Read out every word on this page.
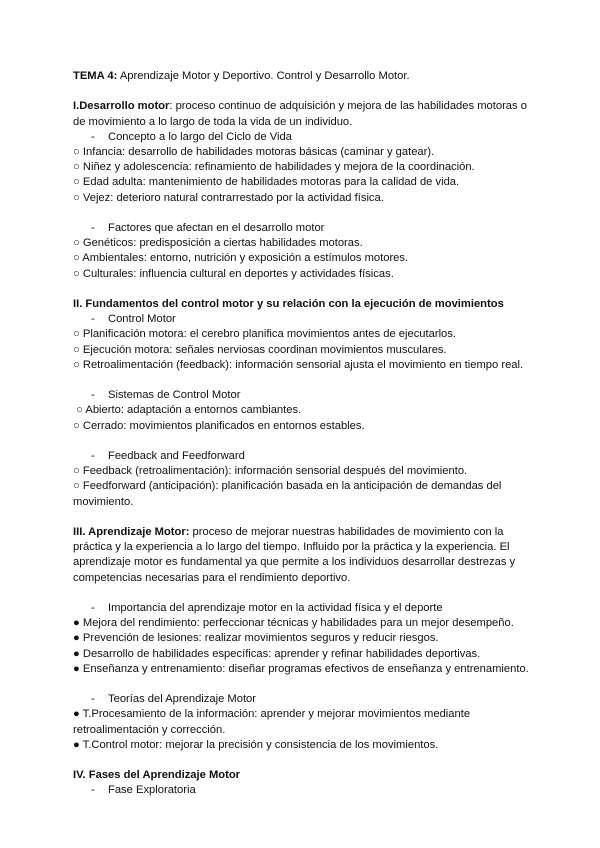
TEMA 4: Aprendizaje Motor y Deportivo. Control y Desarrollo Motor.
I.Desarrollo motor: proceso continuo de adquisición y mejora de las habilidades motoras o de movimiento a lo largo de toda la vida de un individuo.
- Concepto a lo largo del Ciclo de Vida
○ Infancia: desarrollo de habilidades motoras básicas (caminar y gatear).
○ Niñez y adolescencia: refinamiento de habilidades y mejora de la coordinación.
○ Edad adulta: mantenimiento de habilidades motoras para la calidad de vida.
○ Vejez: deterioro natural contrarrestado por la actividad física.
- Factores que afectan en el desarrollo motor
○ Genéticos: predisposición a ciertas habilidades motoras.
○ Ambientales: entorno, nutrición y exposición a estímulos motores.
○ Culturales: influencia cultural en deportes y actividades físicas.
II. Fundamentos del control motor y su relación con la ejecución de movimientos
- Control Motor
○ Planificación motora: el cerebro planifica movimientos antes de ejecutarlos.
○ Ejecución motora: señales nerviosas coordinan movimientos musculares.
○ Retroalimentación (feedback): información sensorial ajusta el movimiento en tiempo real.
- Sistemas de Control Motor
○ Abierto: adaptación a entornos cambiantes.
○ Cerrado: movimientos planificados en entornos estables.
- Feedback and Feedforward
○ Feedback (retroalimentación): información sensorial después del movimiento.
○ Feedforward (anticipación): planificación basada en la anticipación de demandas del movimiento.
III. Aprendizaje Motor: proceso de mejorar nuestras habilidades de movimiento con la práctica y la experiencia a lo largo del tiempo. Influido por la práctica y la experiencia. El aprendizaje motor es fundamental ya que permite a los individuos desarrollar destrezas y competencias necesarias para el rendimiento deportivo.
- Importancia del aprendizaje motor en la actividad física y el deporte
● Mejora del rendimiento: perfeccionar técnicas y habilidades para un mejor desempeño.
● Prevención de lesiones: realizar movimientos seguros y reducir riesgos.
● Desarrollo de habilidades específicas: aprender y refinar habilidades deportivas.
● Enseñanza y entrenamiento: diseñar programas efectivos de enseñanza y entrenamiento.
- Teorías del Aprendizaje Motor
● T.Procesamiento de la información: aprender y mejorar movimientos mediante retroalimentación y corrección.
● T.Control motor: mejorar la precisión y consistencia de los movimientos.
IV. Fases del Aprendizaje Motor
- Fase Exploratoria
